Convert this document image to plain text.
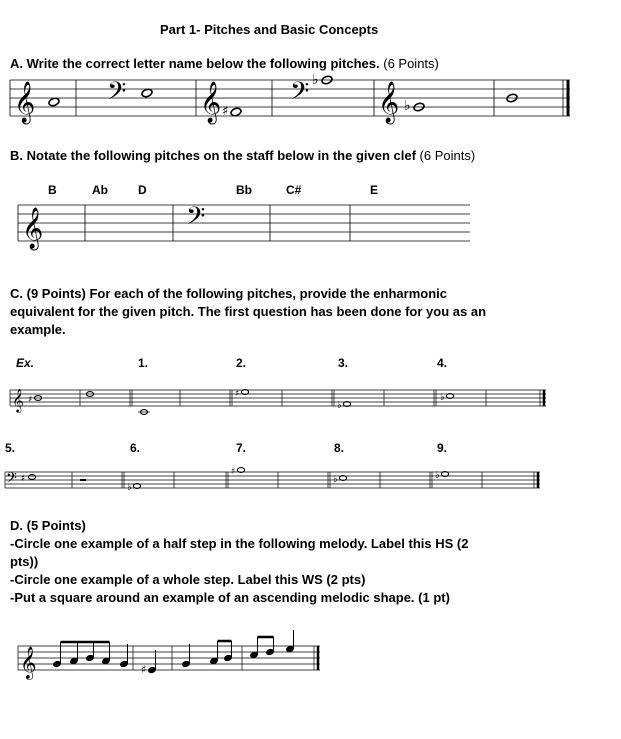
Part 1- Pitches and Basic Concepts
A. Write the correct letter name below the following pitches. (6 Points)
B. Notate the following pitches on the staff below in the given clef (6 Points)
B	Ab	D	Bb	C#	E
C. (9 Points) For each of the following pitches, provide the enharmonic
equivalent for the given pitch. The first question has been done for you as an
example.
Ex.	1.	2.	3.	4.
5.	6.	7.	8.	9.
D. (5 Points)
-Circle one example of a half step in the following melody. Label this HS (2
pts))
-Circle one example of a whole step. Label this WS (2 pts)
-Put a square around an example of an ascending melodic shape. (1 pt)
𝄞 𝄢 𝄞 ♯ 𝄢 ♭
𝄞 ♭
𝄞	𝄢
𝄞 ♯
♯
♭
♭
𝄢 ♯
♭
♯
♭	♭
𝄞	♯
